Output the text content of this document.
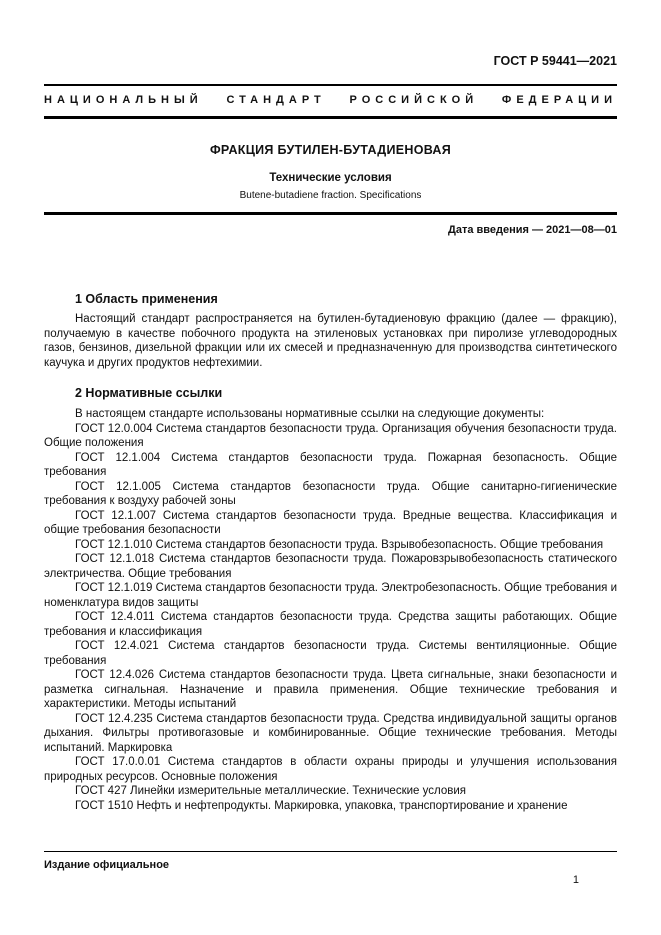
ГОСТ Р 59441—2021
НАЦИОНАЛЬНЫЙ СТАНДАРТ РОССИЙСКОЙ ФЕДЕРАЦИИ
ФРАКЦИЯ БУТИЛЕН-БУТАДИЕНОВАЯ
Технические условия
Butene-butadiene fraction. Specifications
Дата введения — 2021—08—01
1 Область применения

Настоящий стандарт распространяется на бутилен-бутадиеновую фракцию (далее — фракцию), получаемую в качестве побочного продукта на этиленовых установках при пиролизе углеводородных газов, бензинов, дизельной фракции или их смесей и предназначенную для производства синтетического каучука и других продуктов нефтехимии.

2 Нормативные ссылки

В настоящем стандарте использованы нормативные ссылки на следующие документы:

ГОСТ 12.0.004 Система стандартов безопасности труда. Организация обучения безопасности труда. Общие положения

ГОСТ 12.1.004 Система стандартов безопасности труда. Пожарная безопасность. Общие требования

ГОСТ 12.1.005 Система стандартов безопасности труда. Общие санитарно-гигиенические требования к воздуху рабочей зоны

ГОСТ 12.1.007 Система стандартов безопасности труда. Вредные вещества. Классификация и общие требования безопасности

ГОСТ 12.1.010 Система стандартов безопасности труда. Взрывобезопасность. Общие требования

ГОСТ 12.1.018 Система стандартов безопасности труда. Пожаровзрывобезопасность статического электричества. Общие требования

ГОСТ 12.1.019 Система стандартов безопасности труда. Электробезопасность. Общие требования и номенклатура видов защиты

ГОСТ 12.4.011 Система стандартов безопасности труда. Средства защиты работающих. Общие требования и классификация

ГОСТ 12.4.021 Система стандартов безопасности труда. Системы вентиляционные. Общие требования

ГОСТ 12.4.026 Система стандартов безопасности труда. Цвета сигнальные, знаки безопасности и разметка сигнальная. Назначение и правила применения. Общие технические требования и характеристики. Методы испытаний

ГОСТ 12.4.235 Система стандартов безопасности труда. Средства индивидуальной защиты органов дыхания. Фильтры противогазовые и комбинированные. Общие технические требования. Методы испытаний. Маркировка

ГОСТ 17.0.0.01 Система стандартов в области охраны природы и улучшения использования природных ресурсов. Основные положения

ГОСТ 427 Линейки измерительные металлические. Технические условия

ГОСТ 1510 Нефть и нефтепродукты. Маркировка, упаковка, транспортирование и хранение

Издание официальное
1
